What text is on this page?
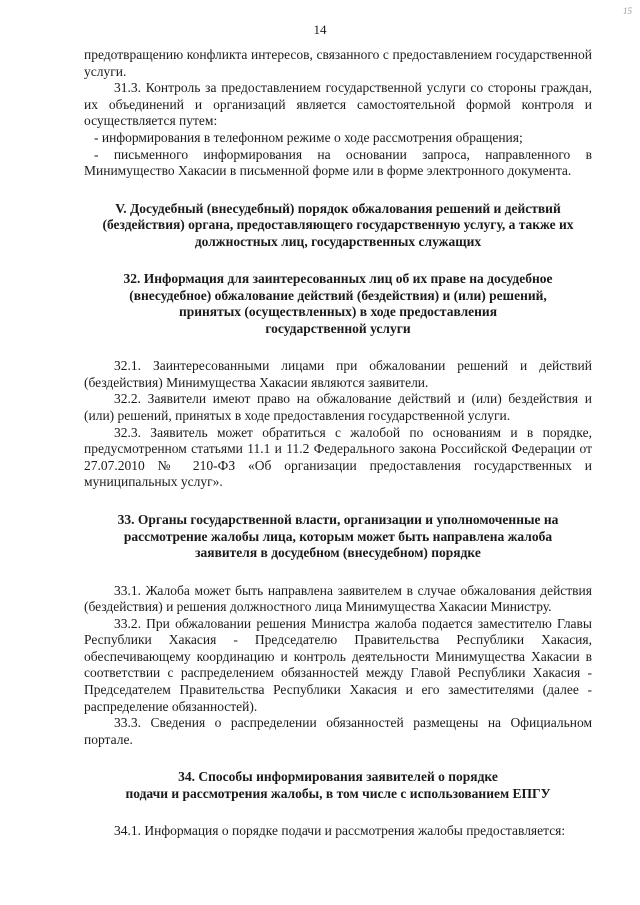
15
14

предотвращению конфликта интересов, связанного с предоставлением государственной услуги.

31.3. Контроль за предоставлением государственной услуги со стороны граждан, их объединений и организаций является самостоятельной формой контроля и осуществляется путем:

- информирования в телефонном режиме о ходе рассмотрения обращения;

- письменного информирования на основании запроса, направленного в Минимущество Хакасии в письменной форме или в форме электронного документа.

V. Досудебный (внесудебный) порядок обжалования решений и действий
(бездействия) органа, предоставляющего государственную услугу, а также их
должностных лиц, государственных служащих
32. Информация для заинтересованных лиц об их праве на досудебное
(внесудебное) обжалование действий (бездействия) и (или) решений,
принятых (осуществленных) в ходе предоставления
государственной услуги

32.1. Заинтересованными лицами при обжаловании решений и действий (бездействия) Минимущества Хакасии являются заявители.

32.2. Заявители имеют право на обжалование действий и (или) бездействия и (или) решений, принятых в ходе предоставления государственной услуги.

32.3. Заявитель может обратиться с жалобой по основаниям и в порядке, предусмотренном статьями 11.1 и 11.2 Федерального закона Российской Федерации от 27.07.2010 № 210-ФЗ «Об организации предоставления государственных и муниципальных услуг».

33. Органы государственной власти, организации и уполномоченные на
рассмотрение жалобы лица, которым может быть направлена жалоба
заявителя в досудебном (внесудебном) порядке

33.1. Жалоба может быть направлена заявителем в случае обжалования действия (бездействия) и решения должностного лица Минимущества Хакасии Министру.

33.2. При обжаловании решения Министра жалоба подается заместителю Главы Республики Хакасия - Председателю Правительства Республики Хакасия, обеспечивающему координацию и контроль деятельности Минимущества Хакасии в соответствии с распределением обязанностей между Главой Республики Хакасия - Председателем Правительства Республики Хакасия и его заместителями (далее - распределение обязанностей).

33.3. Сведения о распределении обязанностей размещены на Официальном портале.

34. Способы информирования заявителей о порядке
подачи и рассмотрения жалобы, в том числе с использованием ЕПГУ

34.1. Информация о порядке подачи и рассмотрения жалобы предоставляется:
